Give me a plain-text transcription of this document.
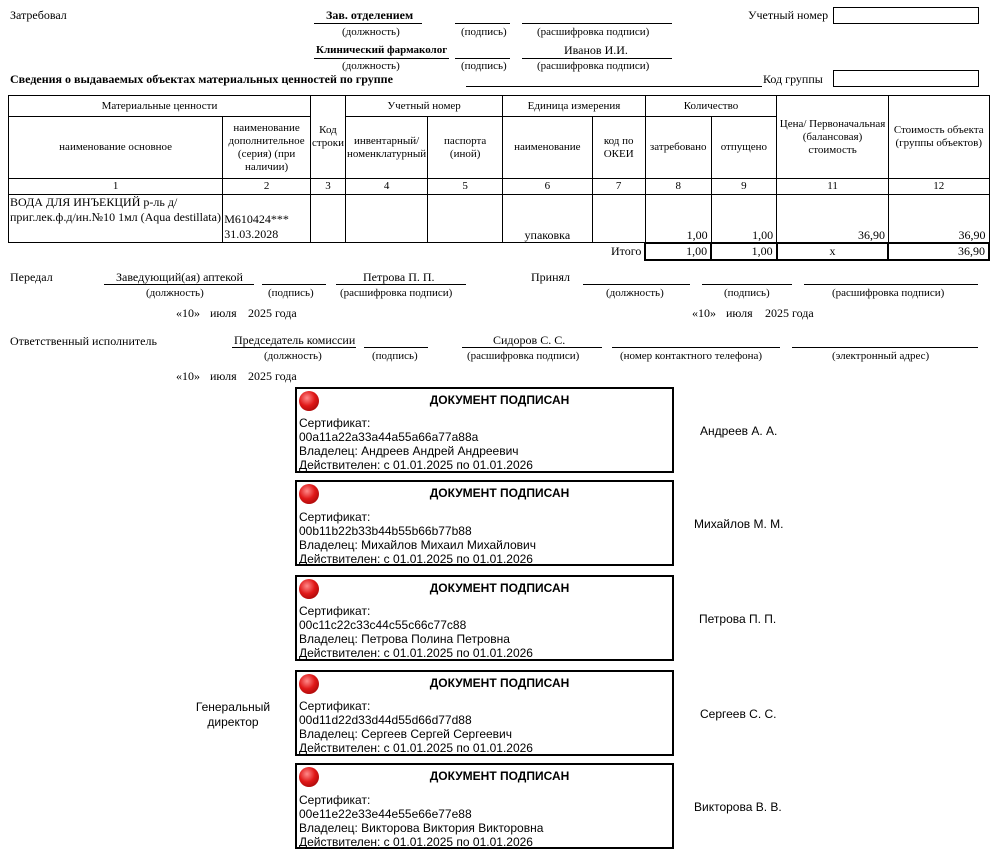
Затребовал	Зав. отделением
(должность)	(подпись)	(расшифровка подписи)
Клинический фармаколог	Иванов И.И.
(должность)	(подпись)	(расшифровка подписи)
Учетный номер
Сведения о выдаваемых объектах материальных ценностей по группе	Код группы
Материальные ценности		Код строки	Учетный номер		Единица измерения		Количество		Цена/ Первоначальная (балансовая) стоимость	Стоимость объекта (группы объектов)
наименование основное	наименование дополнительное (серия) (при наличии)		инвентарный/ номенклатурный	паспорта (иной)	наименование	код по ОКЕИ	затребовано	отпущено		
1	2	3	4	5	6	7	8	9	11	12
ВОДА ДЛЯ ИНЪЕКЦИЙ р-ль д/приг.лек.ф.д/ин.№10 1мл (Aqua destillata)	М610424***
31.03.2028				упаковка		1,00	1,00	36,90	36,90
Итого							1,00	1,00	x	36,90
Передал	Заведующий(ая) аптекой	Петрова П. П.
(должность)	(подпись) (расшифровка подписи)
«10» июля 2025 года
Принял
(должность)	(подпись)	(расшифровка подписи)
«10» июля 2025 года
Ответственный исполнитель	Председатель комиссии	Сидоров С. С.
(должность)	(подпись)	(расшифровка подписи)	(номер контактного телефона)	(электронный адрес)
«10» июля 2025 года
Генеральный директор
ДОКУМЕНТ ПОДПИСАН
Сертификат:
00a11a22a33a44a55a66a77a88a
Владелец: Андреев Андрей Андреевич
Действителен: с 01.01.2025 по 01.01.2026
Андреев А. А.
ДОКУМЕНТ ПОДПИСАН
Сертификат:
00b11b22b33b44b55b66b77b88
Владелец: Михайлов Михаил Михайлович
Действителен: с 01.01.2025 по 01.01.2026
Михайлов М. М.
ДОКУМЕНТ ПОДПИСАН
Сертификат:
00c11c22c33c44c55c66c77c88
Владелец: Петрова Полина Петровна
Действителен: с 01.01.2025 по 01.01.2026
Петрова П. П.
ДОКУМЕНТ ПОДПИСАН
Сертификат:
00d11d22d33d44d55d66d77d88
Владелец: Сергеев Сергей Сергеевич
Действителен: с 01.01.2025 по 01.01.2026
Сергеев С. С.
ДОКУМЕНТ ПОДПИСАН
Сертификат:
00e11e22e33e44e55e66e77e88
Владелец: Викторова Виктория Викторовна
Действителен: с 01.01.2025 по 01.01.2026
Викторова В. В.
